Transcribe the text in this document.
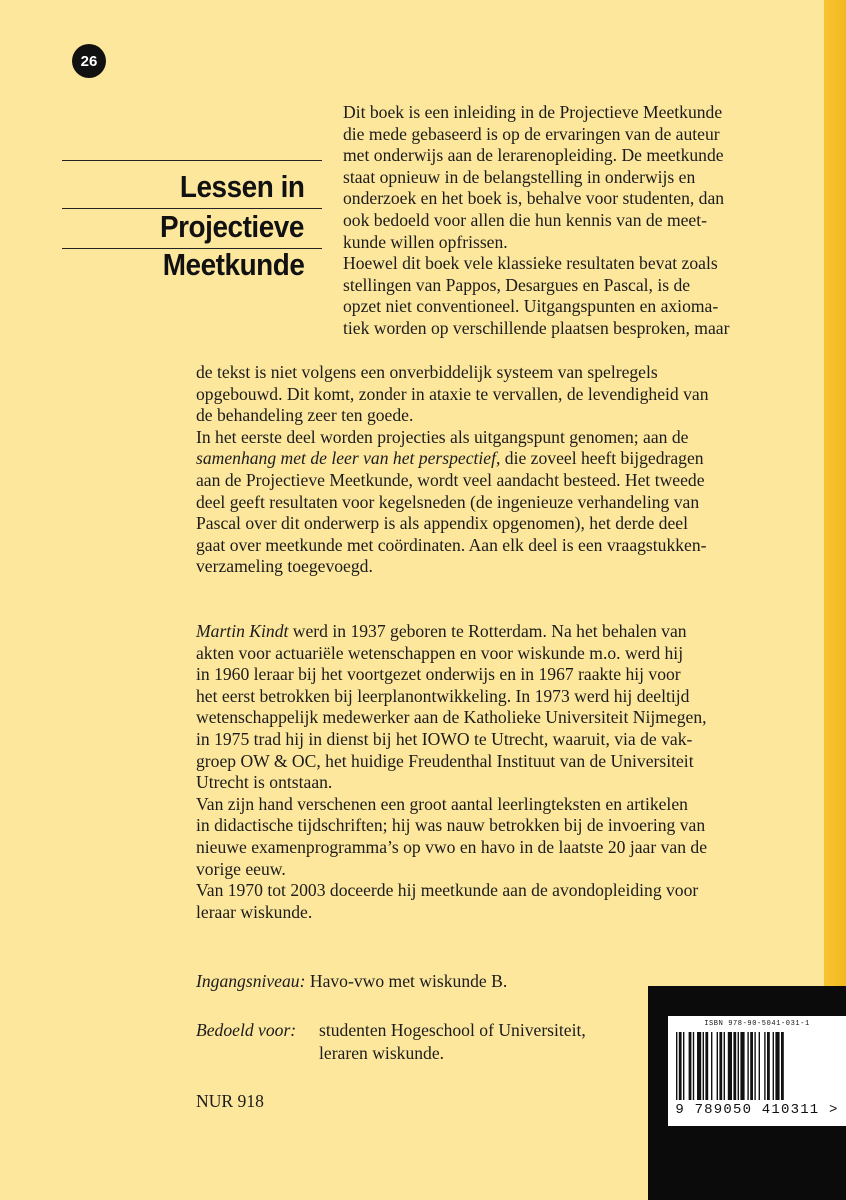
26
Lessen in
Projectieve
Meetkunde
Dit boek is een inleiding in de Projectieve Meetkunde
die mede gebaseerd is op de ervaringen van de auteur
met onderwijs aan de lerarenopleiding. De meetkunde
staat opnieuw in de belangstelling in onderwijs en
onderzoek en het boek is, behalve voor studenten, dan
ook bedoeld voor allen die hun kennis van de meet-
kunde willen opfrissen.
Hoewel dit boek vele klassieke resultaten bevat zoals
stellingen van Pappos, Desargues en Pascal, is de
opzet niet conventioneel. Uitgangspunten en axioma-
tiek worden op verschillende plaatsen besproken, maar
de tekst is niet volgens een onverbiddelijk systeem van spelregels
opgebouwd. Dit komt, zonder in ataxie te vervallen, de levendigheid van
de behandeling zeer ten goede.
In het eerste deel worden projecties als uitgangspunt genomen; aan de
samenhang met de leer van het perspectief, die zoveel heeft bijgedragen
aan de Projectieve Meetkunde, wordt veel aandacht besteed. Het tweede
deel geeft resultaten voor kegelsneden (de ingenieuze verhandeling van
Pascal over dit onderwerp is als appendix opgenomen), het derde deel
gaat over meetkunde met coördinaten. Aan elk deel is een vraagstukken-
verzameling toegevoegd.
Martin Kindt werd in 1937 geboren te Rotterdam. Na het behalen van
akten voor actuariële wetenschappen en voor wiskunde m.o. werd hij
in 1960 leraar bij het voortgezet onderwijs en in 1967 raakte hij voor
het eerst betrokken bij leerplanontwikkeling. In 1973 werd hij deeltijd
wetenschappelijk medewerker aan de Katholieke Universiteit Nijmegen,
in 1975 trad hij in dienst bij het IOWO te Utrecht, waaruit, via de vak-
groep OW & OC, het huidige Freudenthal Instituut van de Universiteit
Utrecht is ontstaan.
Van zijn hand verschenen een groot aantal leerlingteksten en artikelen
in didactische tijdschriften; hij was nauw betrokken bij de invoering van
nieuwe examenprogramma’s op vwo en havo in de laatste 20 jaar van de
vorige eeuw.
Van 1970 tot 2003 doceerde hij meetkunde aan de avondopleiding voor
leraar wiskunde.
Ingangsniveau: Havo-vwo met wiskunde B.
Bedoeld voor: studenten Hogeschool of Universiteit,
leraren wiskunde.
NUR 918
ISBN 978-90-5041-031-1
9 789050 410311 >
